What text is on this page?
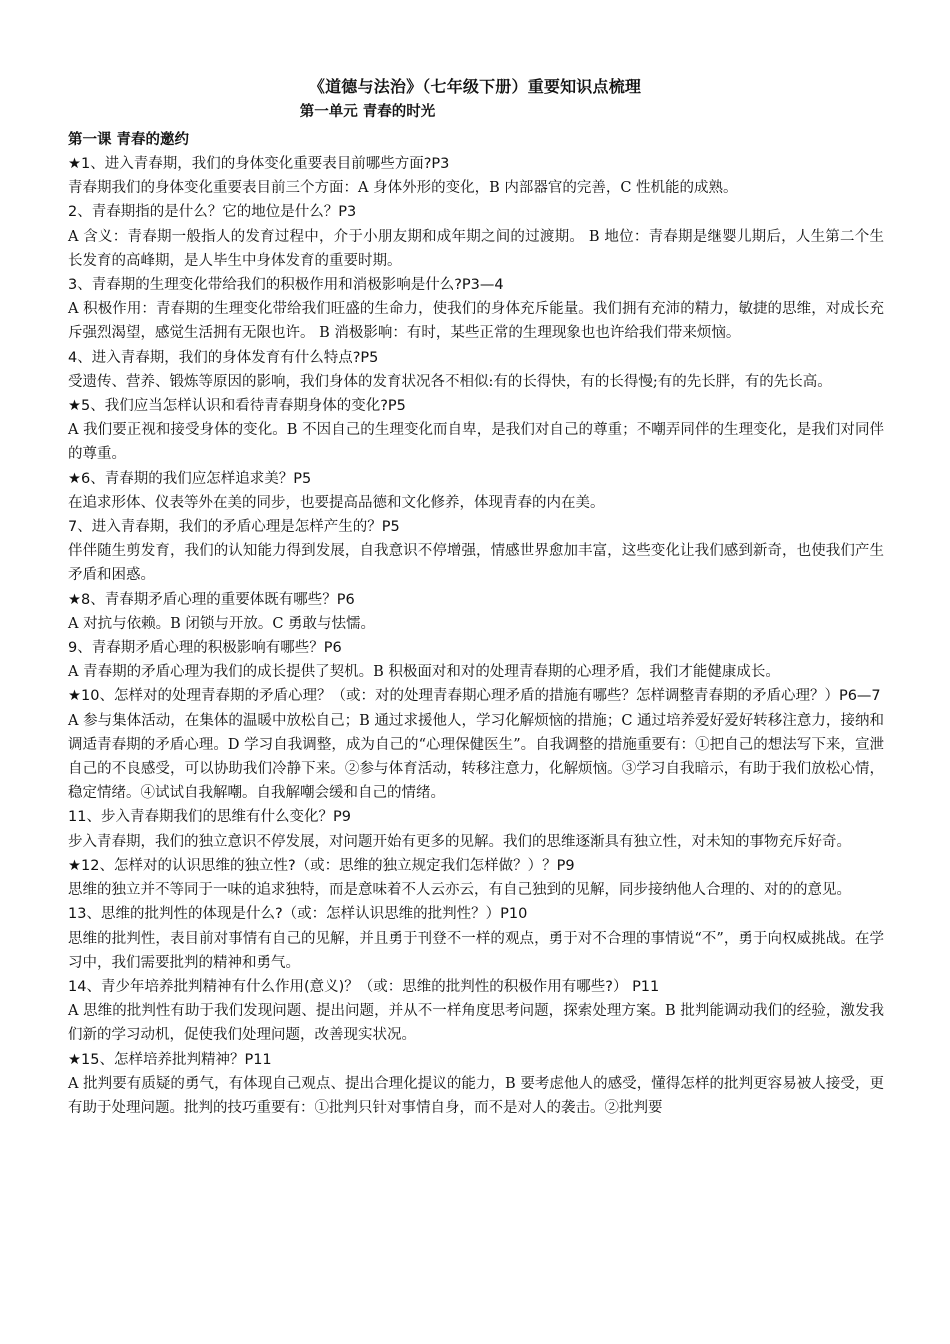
《道德与法治》（七年级下册）重要知识点梳理
第一单元 青春的时光
第一课 青春的邀约

★1、进入青春期，我们的身体变化重要表目前哪些方面?P3

青春期我们的身体变化重要表目前三个方面：A 身体外形的变化，B 内部器官的完善，C 性机能的成熟。

2、青春期指的是什么？它的地位是什么？P3

A 含义：青春期一般指人的发育过程中，介于小朋友期和成年期之间的过渡期。 B 地位：青春期是继婴儿期后，人生第二个生长发育的高峰期，是人毕生中身体发育的重要时期。

3、青春期的生理变化带给我们的积极作用和消极影响是什么?P3—4

A 积极作用：青春期的生理变化带给我们旺盛的生命力，使我们的身体充斥能量。我们拥有充沛的精力，敏捷的思维，对成长充斥强烈渴望，感觉生活拥有无限也许。 B 消极影响：有时，某些正常的生理现象也也许给我们带来烦恼。

4、进入青春期，我们的身体发育有什么特点?P5

受遗传、营养、锻炼等原因的影响，我们身体的发育状况各不相似:有的长得快，有的长得慢;有的先长胖，有的先长高。

★5、我们应当怎样认识和看待青春期身体的变化?P5

A 我们要正视和接受身体的变化。B 不因自己的生理变化而自卑，是我们对自己的尊重；不嘲弄同伴的生理变化，是我们对同伴的尊重。

★6、青春期的我们应怎样追求美？P5

在追求形体、仪表等外在美的同步，也要提高品德和文化修养，体现青春的内在美。

7、进入青春期，我们的矛盾心理是怎样产生的？P5

伴伴随生剪发育，我们的认知能力得到发展，自我意识不停增强，情感世界愈加丰富，这些变化让我们感到新奇，也使我们产生矛盾和困惑。

★8、青春期矛盾心理的重要体既有哪些？P6

A 对抗与依赖。B 闭锁与开放。C 勇敢与怯懦。

9、青春期矛盾心理的积极影响有哪些？P6

A 青春期的矛盾心理为我们的成长提供了契机。B 积极面对和对的处理青春期的心理矛盾，我们才能健康成长。

★10、怎样对的处理青春期的矛盾心理？（或：对的处理青春期心理矛盾的措施有哪些？怎样调整青春期的矛盾心理？）P6—7

A 参与集体活动，在集体的温暖中放松自己；B 通过求援他人，学习化解烦恼的措施；C 通过培养爱好爱好转移注意力，接纳和调适青春期的矛盾心理。D 学习自我调整，成为自己的“心理保健医生”。自我调整的措施重要有：①把自己的想法写下来，宣泄自己的不良感受，可以协助我们冷静下来。②参与体育活动，转移注意力，化解烦恼。③学习自我暗示，有助于我们放松心情，稳定情绪。④试试自我解嘲。自我解嘲会缓和自己的情绪。

11、步入青春期我们的思维有什么变化？P9

步入青春期，我们的独立意识不停发展，对问题开始有更多的见解。我们的思维逐渐具有独立性，对未知的事物充斥好奇。

★12、怎样对的认识思维的独立性?（或：思维的独立规定我们怎样做？）？P9

思维的独立并不等同于一味的追求独特，而是意味着不人云亦云，有自己独到的见解，同步接纳他人合理的、对的的意见。

13、思维的批判性的体现是什么?（或：怎样认识思维的批判性？）P10

思维的批判性，表目前对事情有自己的见解，并且勇于刊登不一样的观点，勇于对不合理的事情说“不”，勇于向权威挑战。在学习中，我们需要批判的精神和勇气。

14、青少年培养批判精神有什么作用(意义)？（或：思维的批判性的积极作用有哪些?） P11

A 思维的批判性有助于我们发现问题、提出问题，并从不一样角度思考问题，探索处理方案。B 批判能调动我们的经验，激发我们新的学习动机，促使我们处理问题，改善现实状况。

★15、怎样培养批判精神？P11

A 批判要有质疑的勇气，有体现自己观点、提出合理化提议的能力，B 要考虑他人的感受，懂得怎样的批判更容易被人接受，更有助于处理问题。批判的技巧重要有：①批判只针对事情自身，而不是对人的袭击。②批判要
